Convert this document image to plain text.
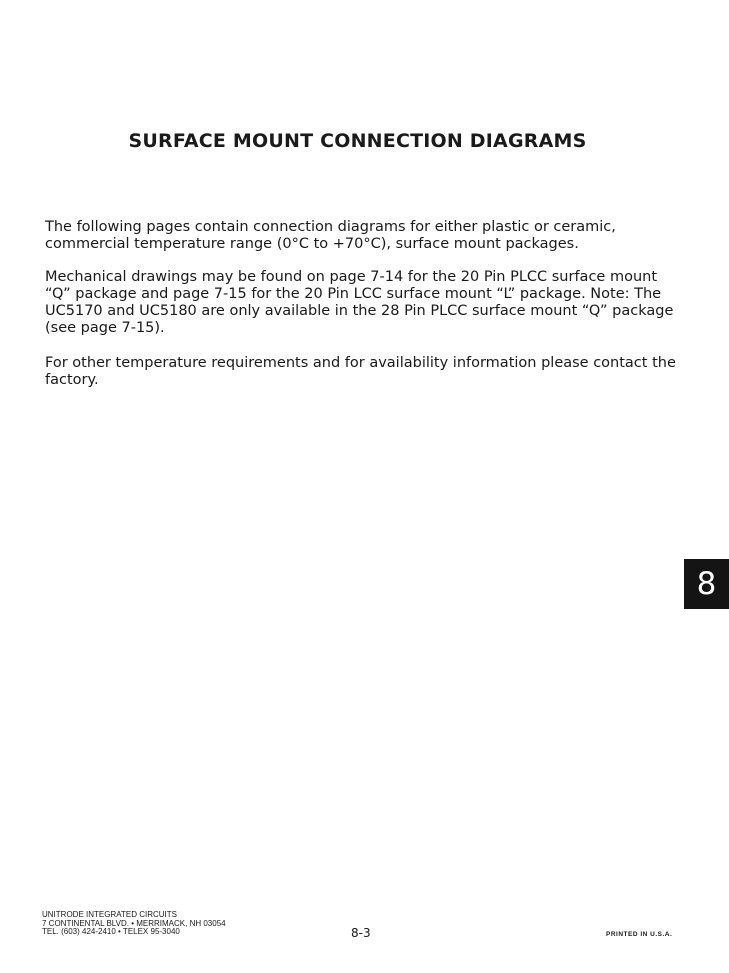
SURFACE MOUNT CONNECTION DIAGRAMS

The following pages contain connection diagrams for either plastic or ceramic, commercial temperature range (0°C to +70°C), surface mount packages.

Mechanical drawings may be found on page 7-14 for the 20 Pin PLCC surface mount “Q” package and page 7-15 for the 20 Pin LCC surface mount “L” package. Note: The UC5170 and UC5180 are only available in the 28 Pin PLCC surface mount “Q” package (see page 7-15).

For other temperature requirements and for availability information please contact the factory.

8
UNITRODE INTEGRATED CIRCUITS
7 CONTINENTAL BLVD. • MERRIMACK, NH 03054
TEL. (603) 424-2410 • TELEX 95-3040	8-3	PRINTED IN U.S.A.
